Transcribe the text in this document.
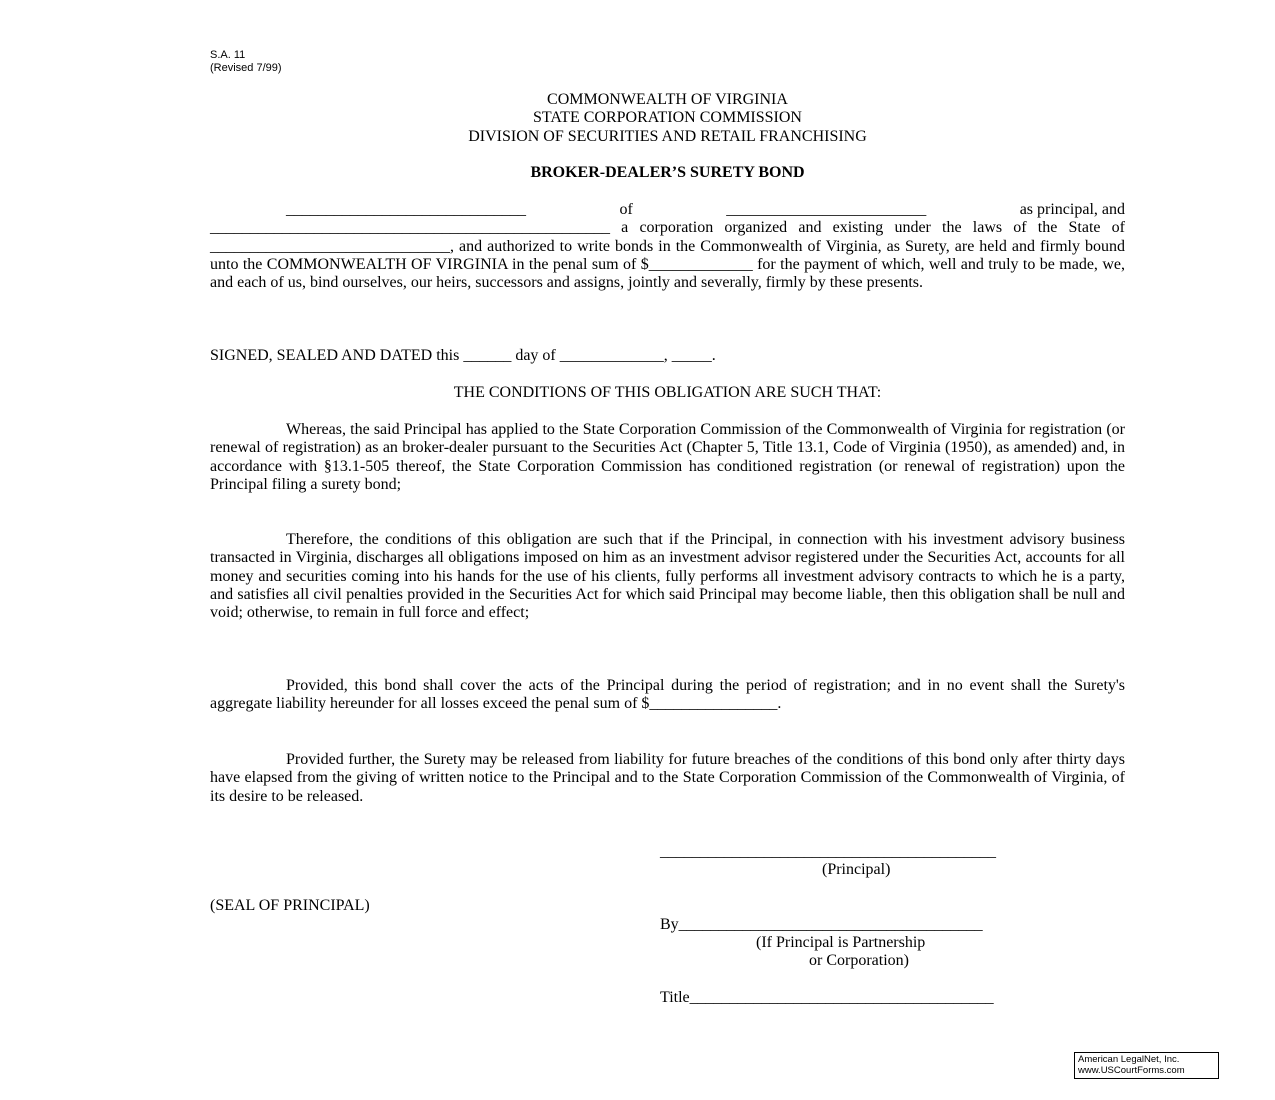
S.A. 11
(Revised 7/99)
COMMONWEALTH OF VIRGINIA
STATE CORPORATION COMMISSION
DIVISION OF SECURITIES AND RETAIL FRANCHISING
BROKER-DEALER’S SURETY BOND
______________________________	of	_________________________	as principal, and
__________________________________________________ a corporation organized and existing under the laws of the State of ______________________________, and authorized to write bonds in the Commonwealth of Virginia, as Surety, are held and firmly bound unto the COMMONWEALTH OF VIRGINIA in the penal sum of $_____________ for the payment of which, well and truly to be made, we, and each of us, bind ourselves, our heirs, successors and assigns, jointly and severally, firmly by these presents.
SIGNED, SEALED AND DATED this ______ day of _____________, _____.
THE CONDITIONS OF THIS OBLIGATION ARE SUCH THAT:
Whereas, the said Principal has applied to the State Corporation Commission of the Commonwealth of Virginia for registration (or renewal of registration) as an broker-dealer pursuant to the Securities Act (Chapter 5, Title 13.1, Code of Virginia (1950), as amended) and, in accordance with §13.1-505 thereof, the State Corporation Commission has conditioned registration (or renewal of registration) upon the Principal filing a surety bond;
Therefore, the conditions of this obligation are such that if the Principal, in connection with his investment advisory business transacted in Virginia, discharges all obligations imposed on him as an investment advisor registered under the Securities Act, accounts for all money and securities coming into his hands for the use of his clients, fully performs all investment advisory contracts to which he is a party, and satisfies all civil penalties provided in the Securities Act for which said Principal may become liable, then this obligation shall be null and void; otherwise, to remain in full force and effect;
Provided, this bond shall cover the acts of the Principal during the period of registration; and in no event shall the Surety's aggregate liability hereunder for all losses exceed the penal sum of $________________.
Provided further, the Surety may be released from liability for future breaches of the conditions of this bond only after thirty days have elapsed from the giving of written notice to the Principal and to the State Corporation Commission of the Commonwealth of Virginia, of its desire to be released.
__________________________________________
(Principal)
(SEAL OF PRINCIPAL)
By______________________________________
(If Principal is Partnership
or Corporation)
Title______________________________________
American LegalNet, Inc.
www.USCourtForms.com
